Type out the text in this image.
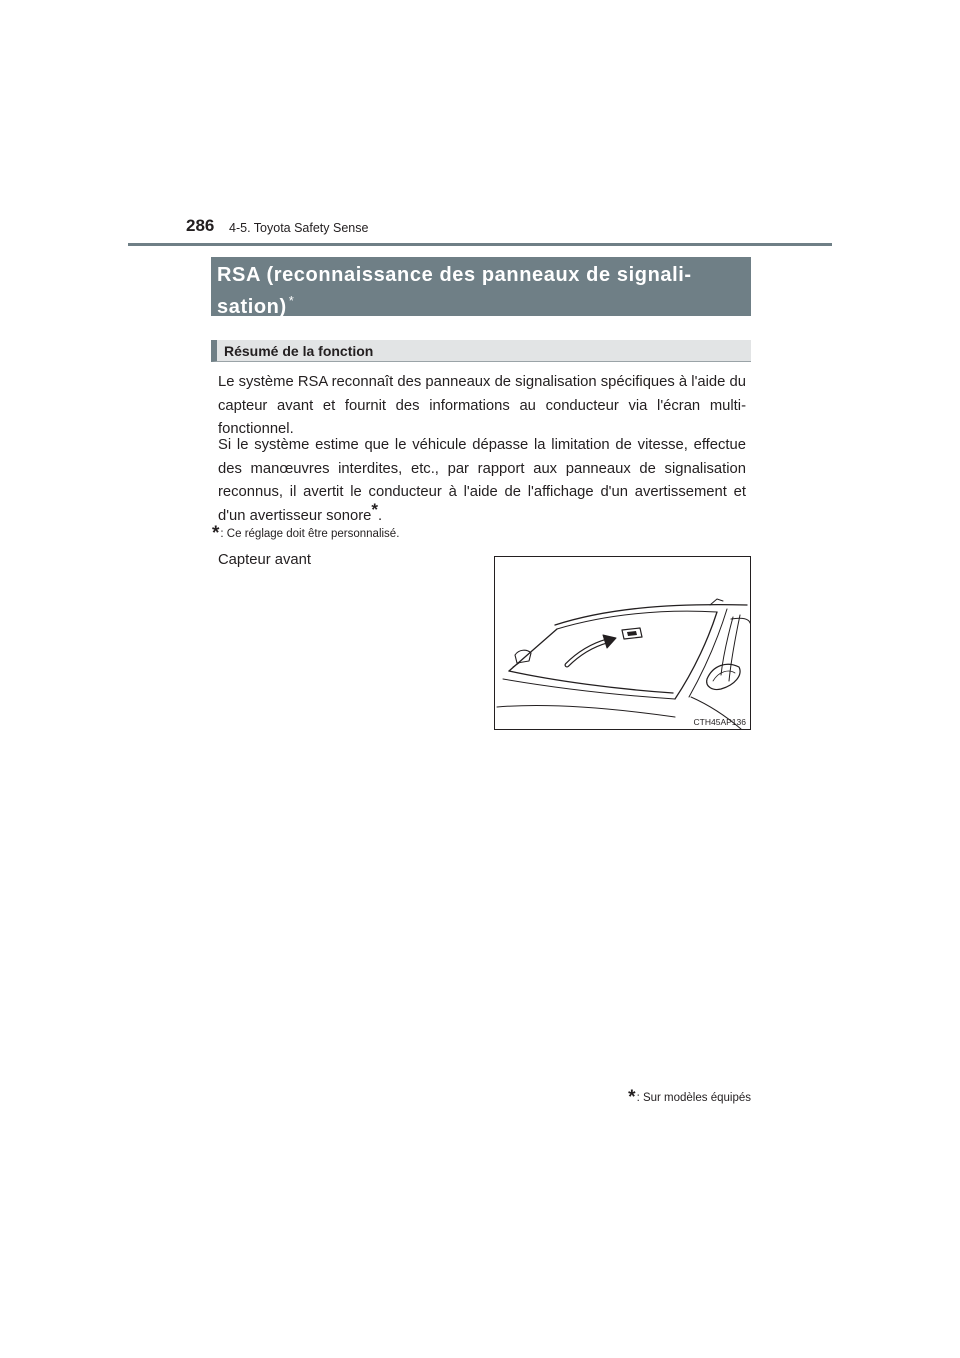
286 4-5. Toyota Safety Sense
RSA (reconnaissance des panneaux de signali-
sation) *
Résumé de la fonction
Le système RSA reconnaît des panneaux de signalisation spécifiques à l'aide du capteur avant et fournit des informations au conducteur via l'écran multi-fonctionnel.
Si le système estime que le véhicule dépasse la limitation de vitesse, effectue des manœuvres interdites, etc., par rapport aux panneaux de signalisation reconnus, il avertit le conducteur à l'aide de l'affichage d'un avertissement et d'un avertisseur sonore*.
*: Ce réglage doit être personnalisé.
Capteur avant
CTH45AP136
*: Sur modèles équipés
